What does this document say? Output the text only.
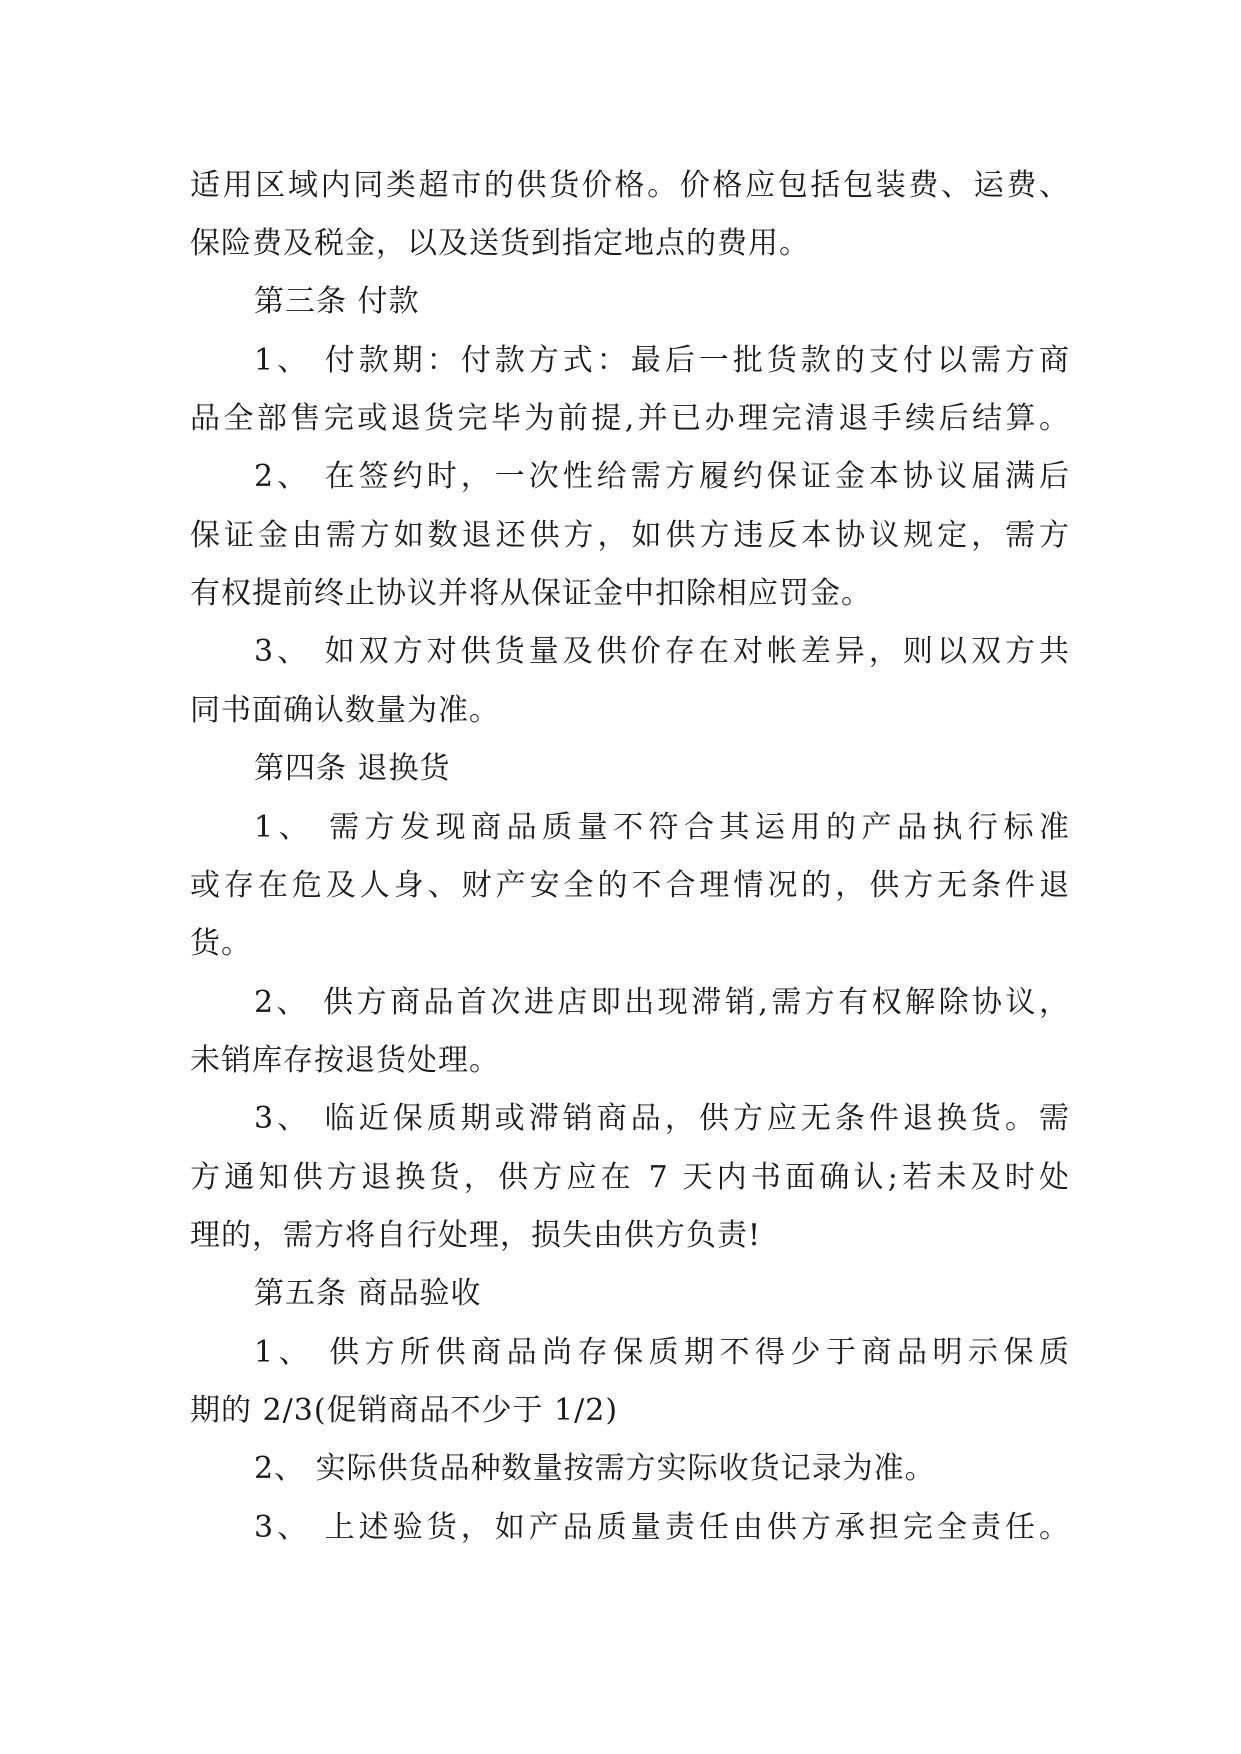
适用区域内同类超市的供货价格。价格应包括包装费、运费、
保险费及税金，以及送货到指定地点的费用。
第三条 付款
1、 付款期：付款方式：最后一批货款的支付以需方商
品全部售完或退货完毕为前提,并已办理完清退手续后结算。
2、 在签约时，一次性给需方履约保证金本协议届满后
保证金由需方如数退还供方，如供方违反本协议规定，需方
有权提前终止协议并将从保证金中扣除相应罚金。
3、 如双方对供货量及供价存在对帐差异，则以双方共
同书面确认数量为准。
第四条 退换货
1、 需方发现商品质量不符合其运用的产品执行标准
或存在危及人身、财产安全的不合理情况的，供方无条件退
货。
2、 供方商品首次进店即出现滞销,需方有权解除协议，
未销库存按退货处理。
3、 临近保质期或滞销商品，供方应无条件退换货。需
方通知供方退换货，供方应在 7 天内书面确认;若未及时处
理的，需方将自行处理，损失由供方负责!
第五条 商品验收
1、 供方所供商品尚存保质期不得少于商品明示保质
期的 2/3(促销商品不少于 1/2)
2、 实际供货品种数量按需方实际收货记录为准。
3、 上述验货，如产品质量责任由供方承担完全责任。
